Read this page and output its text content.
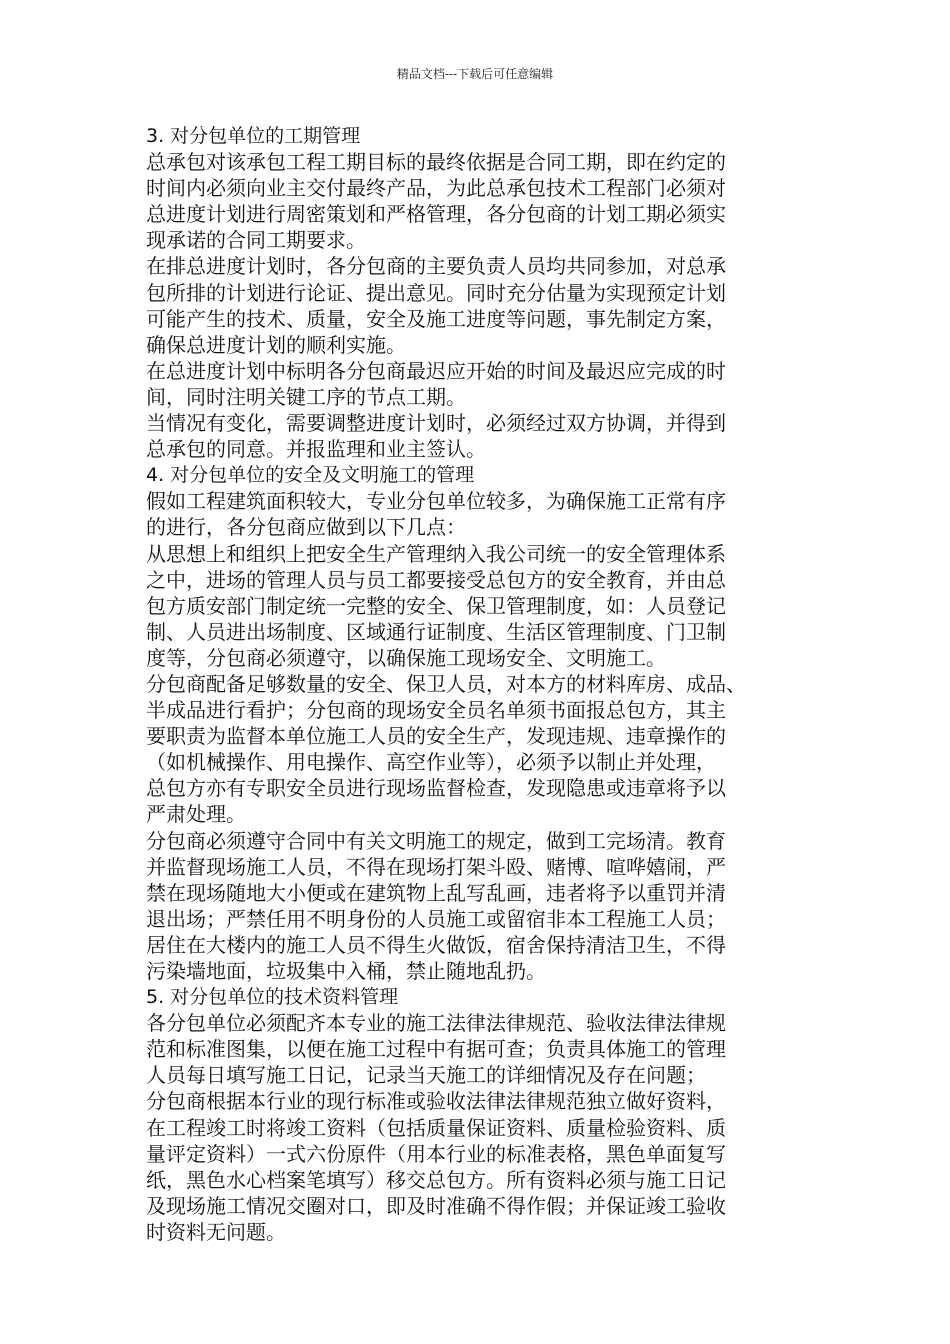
精品文档---下载后可任意编辑
3. 对分包单位的工期管理
总承包对该承包工程工期目标的最终依据是合同工期，即在约定的
时间内必须向业主交付最终产品，为此总承包技术工程部门必须对
总进度计划进行周密策划和严格管理，各分包商的计划工期必须实
现承诺的合同工期要求。
在排总进度计划时，各分包商的主要负责人员均共同参加，对总承
包所排的计划进行论证、提出意见。同时充分估量为实现预定计划
可能产生的技术、质量，安全及施工进度等问题，事先制定方案，
确保总进度计划的顺利实施。
在总进度计划中标明各分包商最迟应开始的时间及最迟应完成的时
间，同时注明关键工序的节点工期。
当情况有变化，需要调整进度计划时，必须经过双方协调，并得到
总承包的同意。并报监理和业主签认。
4. 对分包单位的安全及文明施工的管理
假如工程建筑面积较大，专业分包单位较多，为确保施工正常有序
的进行，各分包商应做到以下几点：
从思想上和组织上把安全生产管理纳入我公司统一的安全管理体系
之中，进场的管理人员与员工都要接受总包方的安全教育，并由总
包方质安部门制定统一完整的安全、保卫管理制度，如：人员登记
制、人员进出场制度、区域通行证制度、生活区管理制度、门卫制
度等，分包商必须遵守，以确保施工现场安全、文明施工。
分包商配备足够数量的安全、保卫人员，对本方的材料库房、成品、
半成品进行看护；分包商的现场安全员名单须书面报总包方，其主
要职责为监督本单位施工人员的安全生产，发现违规、违章操作的
（如机械操作、用电操作、高空作业等），必须予以制止并处理，
总包方亦有专职安全员进行现场监督检查，发现隐患或违章将予以
严肃处理。
分包商必须遵守合同中有关文明施工的规定，做到工完场清。教育
并监督现场施工人员，不得在现场打架斗殴、赌博、喧哗嬉闹，严
禁在现场随地大小便或在建筑物上乱写乱画，违者将予以重罚并清
退出场；严禁任用不明身份的人员施工或留宿非本工程施工人员；
居住在大楼内的施工人员不得生火做饭，宿舍保持清洁卫生，不得
污染墙地面，垃圾集中入桶，禁止随地乱扔。
5. 对分包单位的技术资料管理
各分包单位必须配齐本专业的施工法律法律规范、验收法律法律规
范和标准图集，以便在施工过程中有据可查；负责具体施工的管理
人员每日填写施工日记，记录当天施工的详细情况及存在问题；
分包商根据本行业的现行标准或验收法律法律规范独立做好资料，
在工程竣工时将竣工资料（包括质量保证资料、质量检验资料、质
量评定资料）一式六份原件（用本行业的标准表格，黑色单面复写
纸，黑色水心档案笔填写）移交总包方。所有资料必须与施工日记
及现场施工情况交圈对口，即及时准确不得作假；并保证竣工验收
时资料无问题。
